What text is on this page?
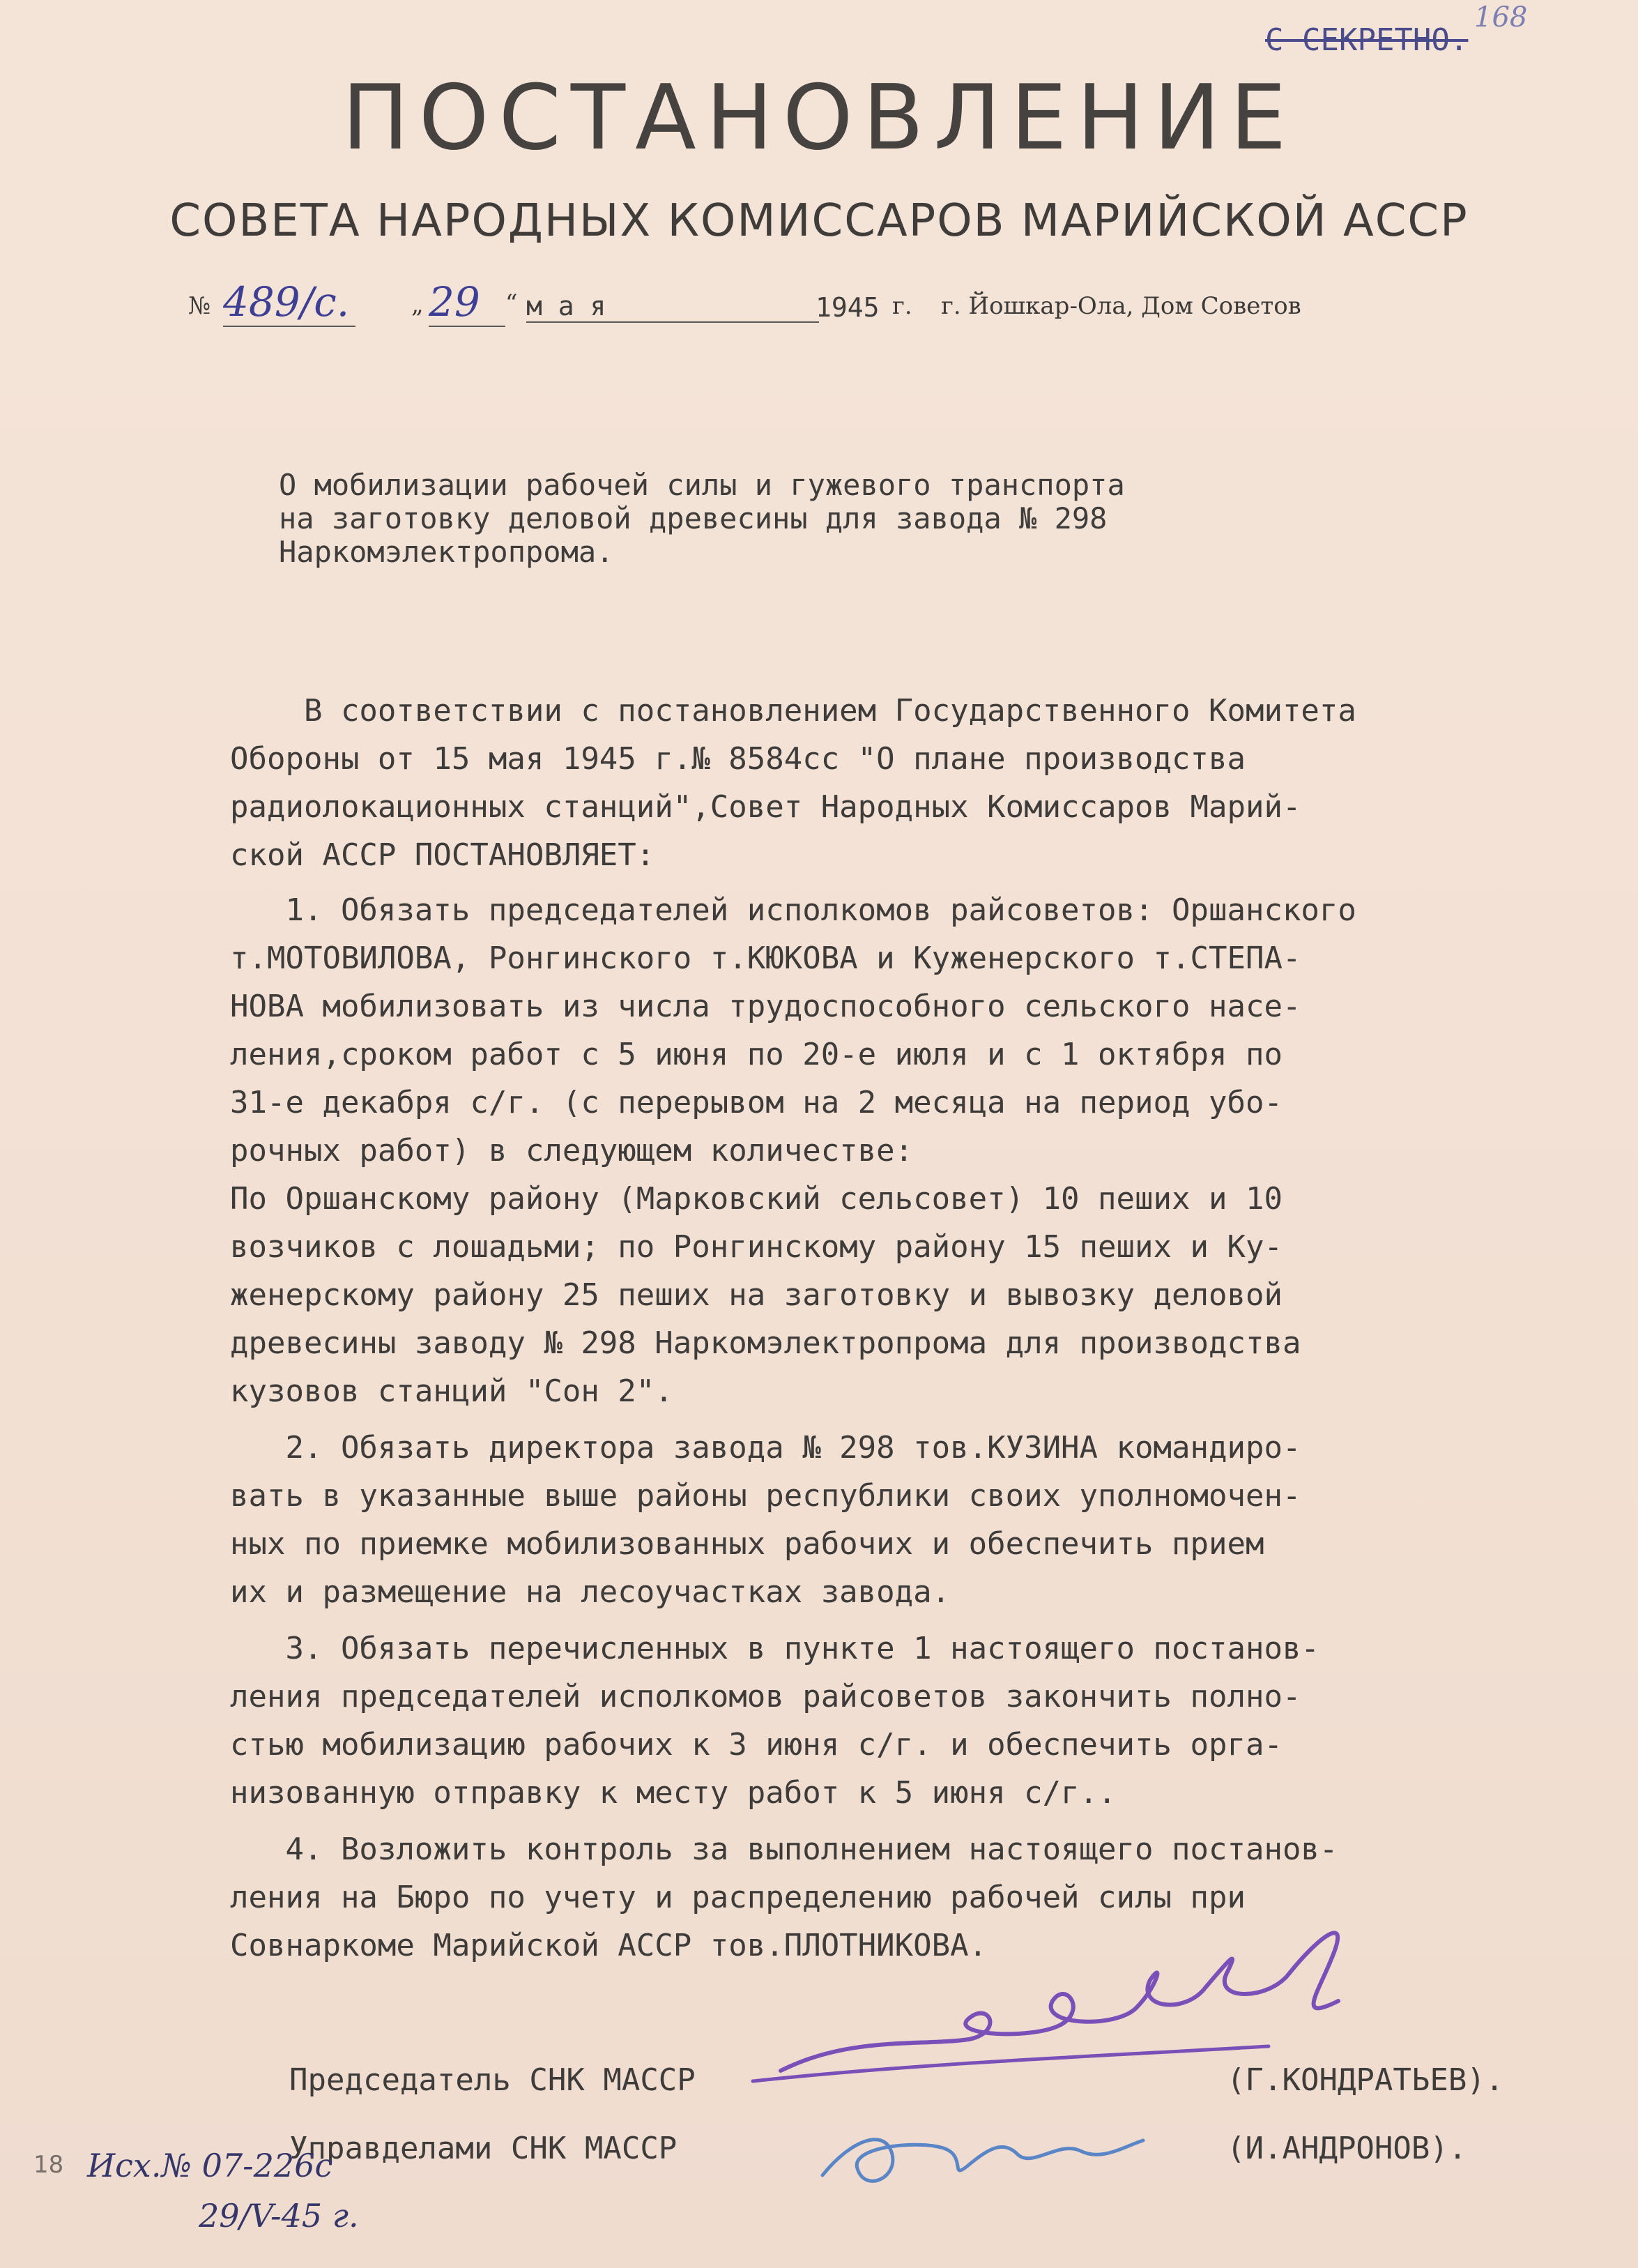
С СЕКРЕТНО.
168
ПОСТАНОВЛЕНИЕ
СОВЕТА НАРОДНЫХ КОМИССАРОВ МАРИЙСКОЙ АССР
№ 489/с.	„ 29	“ м а я	1945 г. г. Йошкар-Ола, Дом Советов
О мобилизации рабочей силы и гужевого транспорта
на заготовку деловой древесины для завода № 298
Наркомэлектропрома.
В соответствии с постановлением Государственного Комитета
Обороны от 15 мая 1945 г.№ 8584сс "О плане производства
радиолокационных станций",Совет Народных Комиссаров Марий-
ской АССР ПОСТАНОВЛЯЕТ:
1. Обязать председателей исполкомов райсоветов: Оршанского
т.МОТОВИЛОВА, Ронгинского т.КЮКОВА и Куженерского т.СТЕПА-
НОВА мобилизовать из числа трудоспособного сельского насе-
ления,сроком работ с 5 июня по 20-е июля и с 1 октября по
31-е декабря с/г. (с перерывом на 2 месяца на период убо-
рочных работ) в следующем количестве:
По Оршанскому району (Марковский сельсовет) 10 пеших и 10
возчиков с лошадьми; по Ронгинскому району 15 пеших и Ку-
женерскому району 25 пеших на заготовку и вывозку деловой
древесины заводу № 298 Наркомэлектропрома для производства
кузовов станций "Сон 2".
2. Обязать директора завода № 298 тов.КУЗИНА командиро-
вать в указанные выше районы республики своих уполномочен-
ных по приемке мобилизованных рабочих и обеспечить прием
их и размещение на лесоучастках завода.
3. Обязать перечисленных в пункте 1 настоящего постанов-
ления председателей исполкомов райсоветов закончить полно-
стью мобилизацию рабочих к 3 июня с/г. и обеспечить орга-
низованную отправку к месту работ к 5 июня с/г..
4. Возложить контроль за выполнением настоящего постанов-
ления на Бюро по учету и распределению рабочей силы при
Совнаркоме Марийской АССР тов.ПЛОТНИКОВА.
Председатель СНК МАССР	(Г.КОНДРАТЬЕВ).
Управделами СНК МАССР	(И.АНДРОНОВ).
Исх.№ 07-226с
29/V-45 г.
18
